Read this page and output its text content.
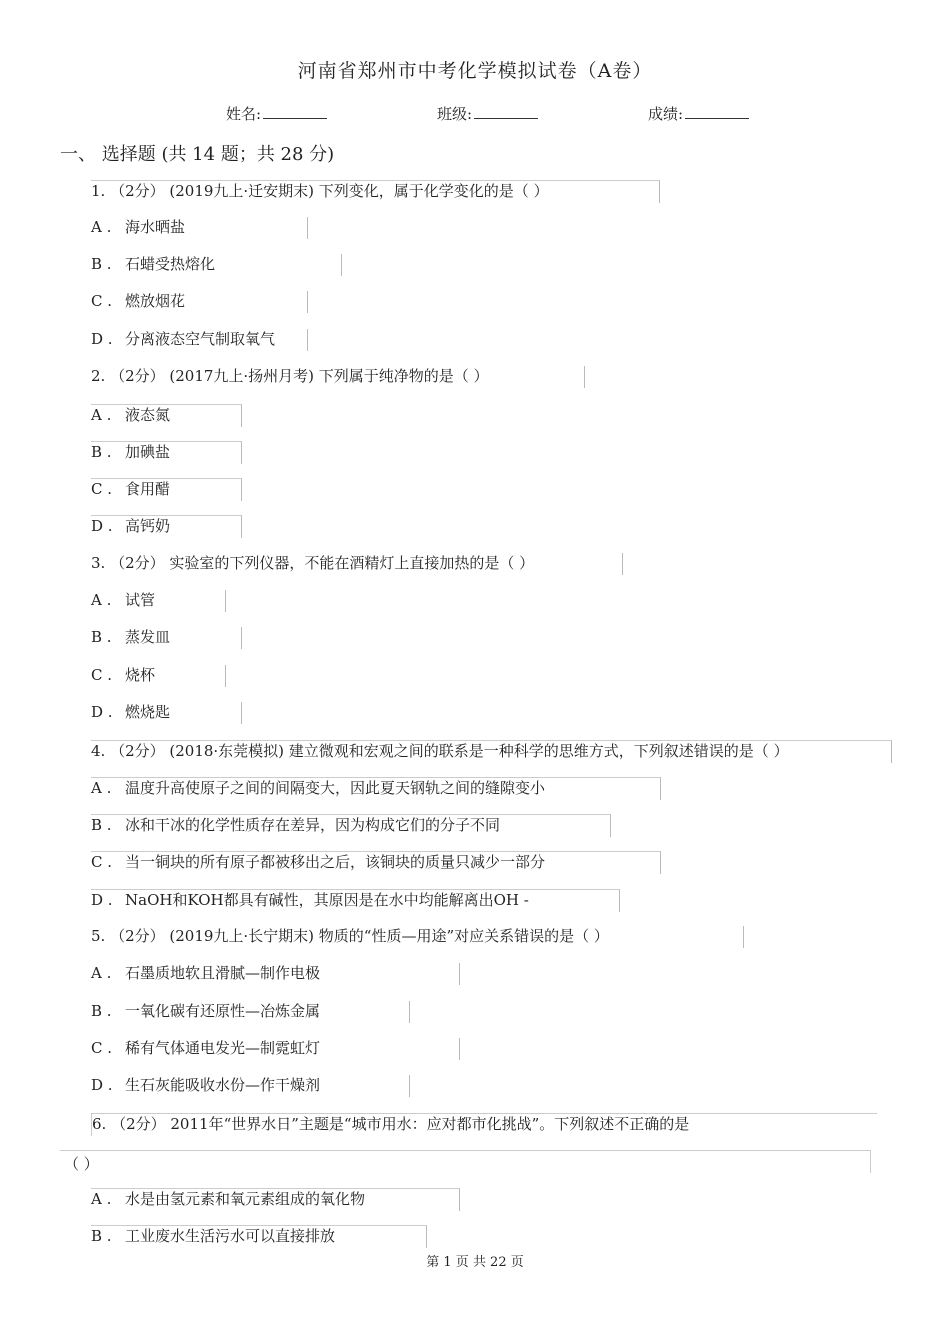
河南省郑州市中考化学模拟试卷（A卷）
姓名:	班级:	成绩:
一、 选择题 (共 14 题；共 28 分)
1. （2分） (2019九上·迁安期末) 下列变化，属于化学变化的是（ ）
A . 海水晒盐
B . 石蜡受热熔化
C . 燃放烟花
D . 分离液态空气制取氧气
2. （2分） (2017九上·扬州月考) 下列属于纯净物的是（ ）
A . 液态氮
B . 加碘盐
C . 食用醋
D . 高钙奶
3. （2分） 实验室的下列仪器，不能在酒精灯上直接加热的是（ ）
A . 试管
B . 蒸发皿
C . 烧杯
D . 燃烧匙
4. （2分） (2018·东莞模拟) 建立微观和宏观之间的联系是一种科学的思维方式，下列叙述错误的是（ ）
A . 温度升高使原子之间的间隔变大，因此夏天钢轨之间的缝隙变小
B . 冰和干冰的化学性质存在差异，因为构成它们的分子不同
C . 当一铜块的所有原子都被移出之后，该铜块的质量只减少一部分
D . NaOH和KOH都具有碱性，其原因是在水中均能解离出OH -
5. （2分） (2019九上·长宁期末) 物质的“性质—用途”对应关系错误的是（ ）
A . 石墨质地软且滑腻—制作电极
B . 一氧化碳有还原性—冶炼金属
C . 稀有气体通电发光—制霓虹灯
D . 生石灰能吸收水份—作干燥剂
6. （2分） 2011年“世界水日”主题是“城市用水：应对都市化挑战”。下列叙述不正确的是
（ ）
A . 水是由氢元素和氧元素组成的氧化物
B . 工业废水生活污水可以直接排放
第 1 页 共 22 页
